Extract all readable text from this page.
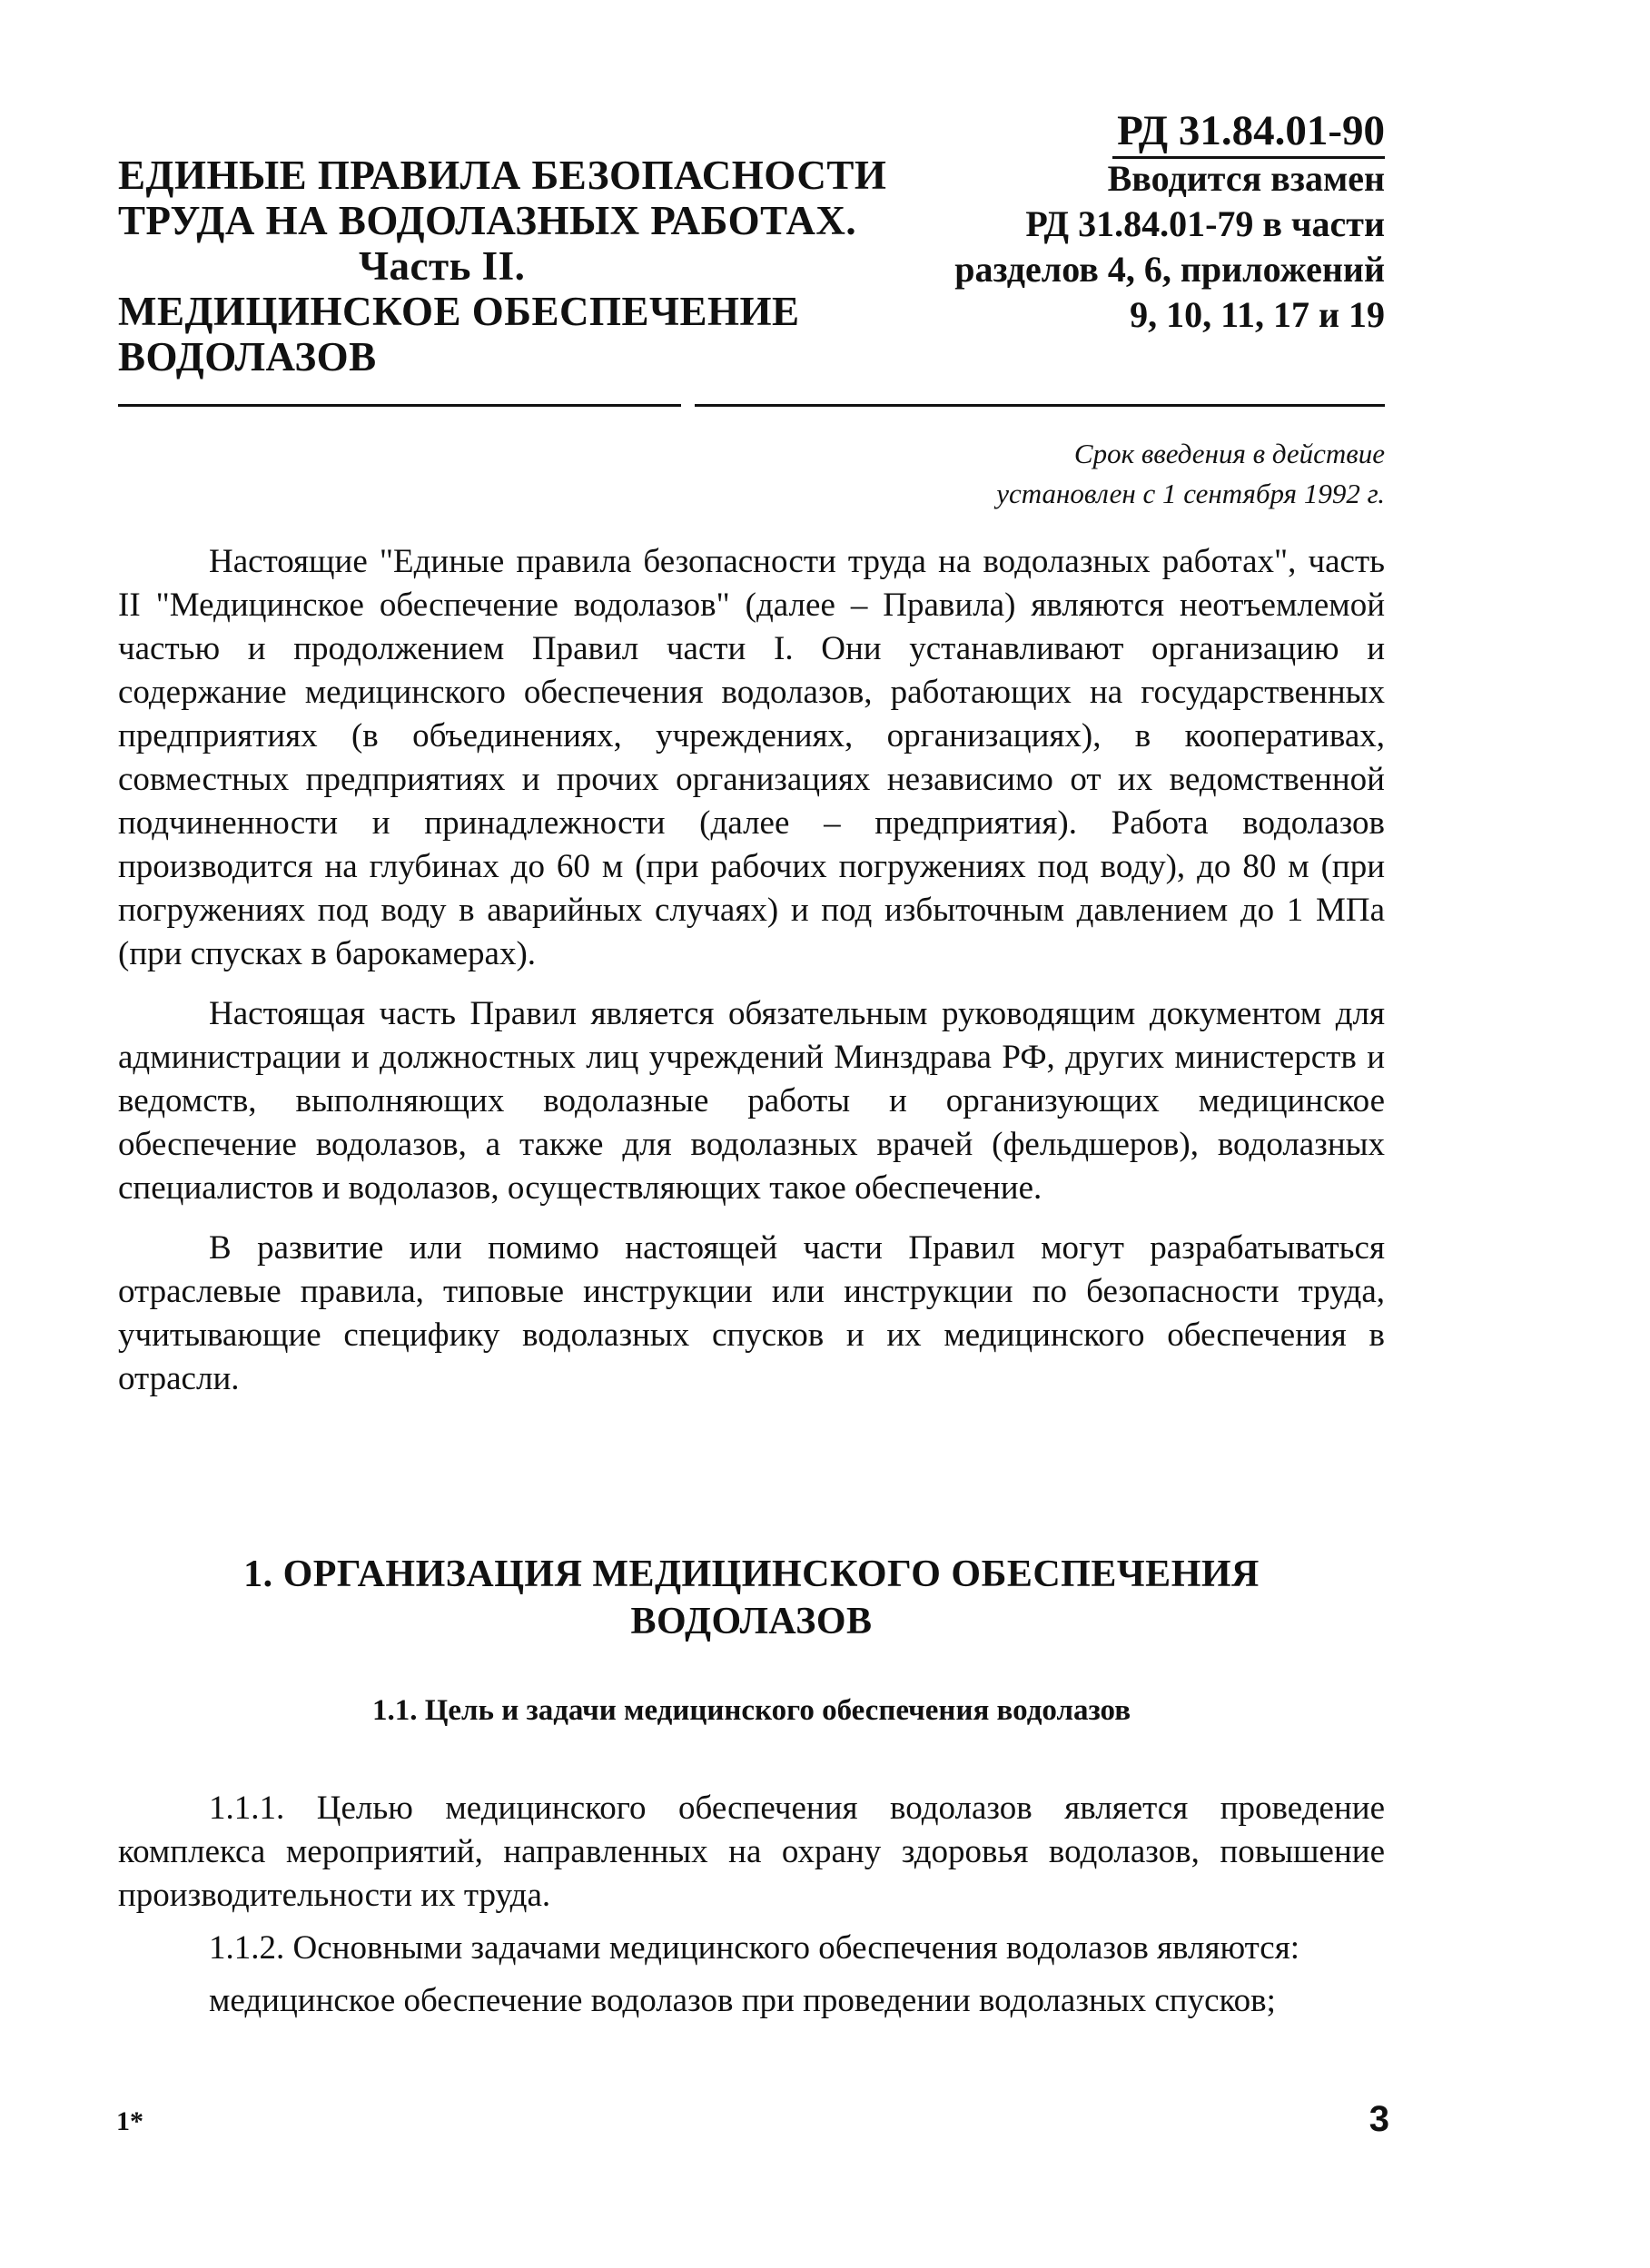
ЕДИНЫЕ ПРАВИЛА БЕЗОПАСНОСТИ
ТРУДА НА ВОДОЛАЗНЫХ РАБОТАХ.
Часть II.
МЕДИЦИНСКОЕ ОБЕСПЕЧЕНИЕ
ВОДОЛАЗОВ
РД 31.84.01-90
Вводится взамен
РД 31.84.01-79 в части
разделов 4, 6, приложений
9, 10, 11, 17 и 19
Срок введения в действие
установлен с 1 сентября 1992 г.

Настоящие "Единые правила безопасности труда на водолазных работах", часть II "Медицинское обеспечение водолазов" (далее – Правила) являются неотъемлемой частью и продолжением Правил части I. Они устанавливают организацию и содержание медицинского обеспечения водолазов, работающих на государственных предприятиях (в объединениях, учреждениях, организациях), в кооперативах, совместных предприятиях и прочих организациях независимо от их ведомственной подчиненности и принадлежности (далее – предприятия). Работа водолазов производится на глубинах до 60 м (при рабочих погружениях под воду), до 80 м (при погружениях под воду в аварийных случаях) и под избыточным давлением до 1 МПа (при спусках в барокамерах).

Настоящая часть Правил является обязательным руководящим документом для администрации и должностных лиц учреждений Минздрава РФ, других министерств и ведомств, выполняющих водолазные работы и организующих медицинское обеспечение водолазов, а также для водолазных врачей (фельдшеров), водолазных специалистов и водолазов, осуществляющих такое обеспечение.

В развитие или помимо настоящей части Правил могут разрабатываться отраслевые правила, типовые инструкции или инструкции по безопасности труда, учитывающие специфику водолазных спусков и их медицинского обеспечения в отрасли.

1. ОРГАНИЗАЦИЯ МЕДИЦИНСКОГО ОБЕСПЕЧЕНИЯ
ВОДОЛАЗОВ
1.1. Цель и задачи медицинского обеспечения водолазов

1.1.1. Целью медицинского обеспечения водолазов является проведение комплекса мероприятий, направленных на охрану здоровья водолазов, повышение производительности их труда.

1.1.2. Основными задачами медицинского обеспечения водолазов являются:

медицинское обеспечение водолазов при проведении водолазных спусков;

1*	3
